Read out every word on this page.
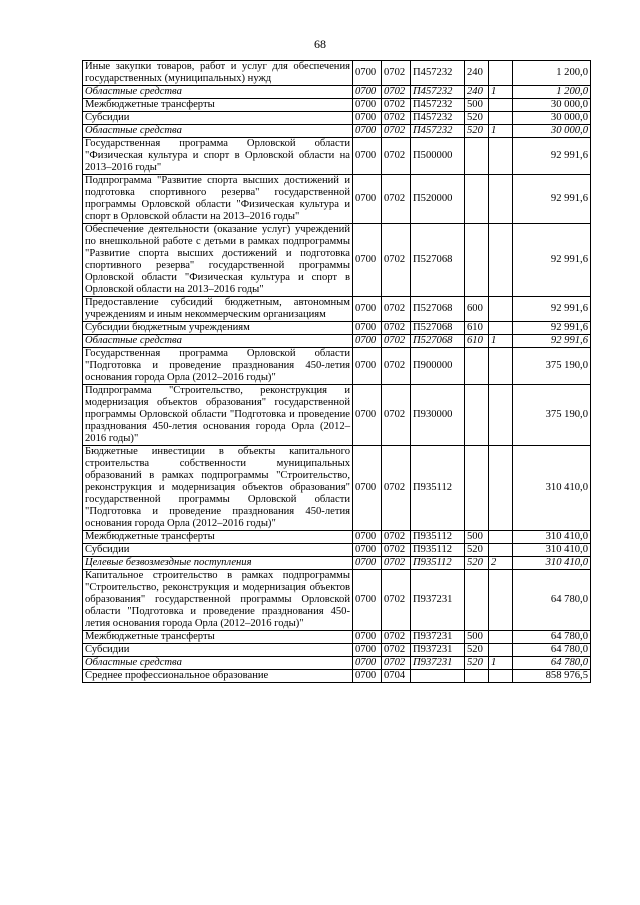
68
Иные закупки товаров, работ и услуг для обеспечения государственных (муниципальных) нужд	0700	0702	П457232	240		1 200,0
Областные средства	0700	0702	П457232	240	1	1 200,0
Межбюджетные трансферты	0700	0702	П457232	500		30 000,0
Субсидии	0700	0702	П457232	520		30 000,0
Областные средства	0700	0702	П457232	520	1	30 000,0
Государственная программа Орловской области "Физическая культура и спорт в Орловской области на 2013–2016 годы"	0700	0702	П500000			92 991,6
Подпрограмма "Развитие спорта высших достижений и подготовка спортивного резерва" государственной программы Орловской области "Физическая культура и спорт в Орловской области на 2013–2016 годы"	0700	0702	П520000			92 991,6
Обеспечение деятельности (оказание услуг) учреждений по внешкольной работе с детьми в рамках подпрограммы "Развитие спорта высших достижений и подготовка спортивного резерва" государственной программы Орловской области "Физическая культура и спорт в Орловской области на 2013–2016 годы"	0700	0702	П527068			92 991,6
Предоставление субсидий бюджетным, автономным учреждениям и иным некоммерческим организациям	0700	0702	П527068	600		92 991,6
Субсидии бюджетным учреждениям	0700	0702	П527068	610		92 991,6
Областные средства	0700	0702	П527068	610	1	92 991,6
Государственная программа Орловской области "Подготовка и проведение празднования 450-летия основания города Орла (2012–2016 годы)"	0700	0702	П900000			375 190,0
Подпрограмма "Строительство, реконструкция и модернизация объектов образования" государственной программы Орловской области "Подготовка и проведение празднования 450-летия основания города Орла (2012–2016 годы)"	0700	0702	П930000			375 190,0
Бюджетные инвестиции в объекты капитального строительства собственности муниципальных образований в рамках подпрограммы "Строительство, реконструкция и модернизация объектов образования" государственной программы Орловской области "Подготовка и проведение празднования 450-летия основания города Орла (2012–2016 годы)"	0700	0702	П935112			310 410,0
Межбюджетные трансферты	0700	0702	П935112	500		310 410,0
Субсидии	0700	0702	П935112	520		310 410,0
Целевые безвозмездные поступления	0700	0702	П935112	520	2	310 410,0
Капитальное строительство в рамках подпрограммы "Строительство, реконструкция и модернизация объектов образования" государственной программы Орловской области "Подготовка и проведение празднования 450-летия основания города Орла (2012–2016 годы)"	0700	0702	П937231			64 780,0
Межбюджетные трансферты	0700	0702	П937231	500		64 780,0
Субсидии	0700	0702	П937231	520		64 780,0
Областные средства	0700	0702	П937231	520	1	64 780,0
Среднее профессиональное образование	0700	0704				858 976,5
